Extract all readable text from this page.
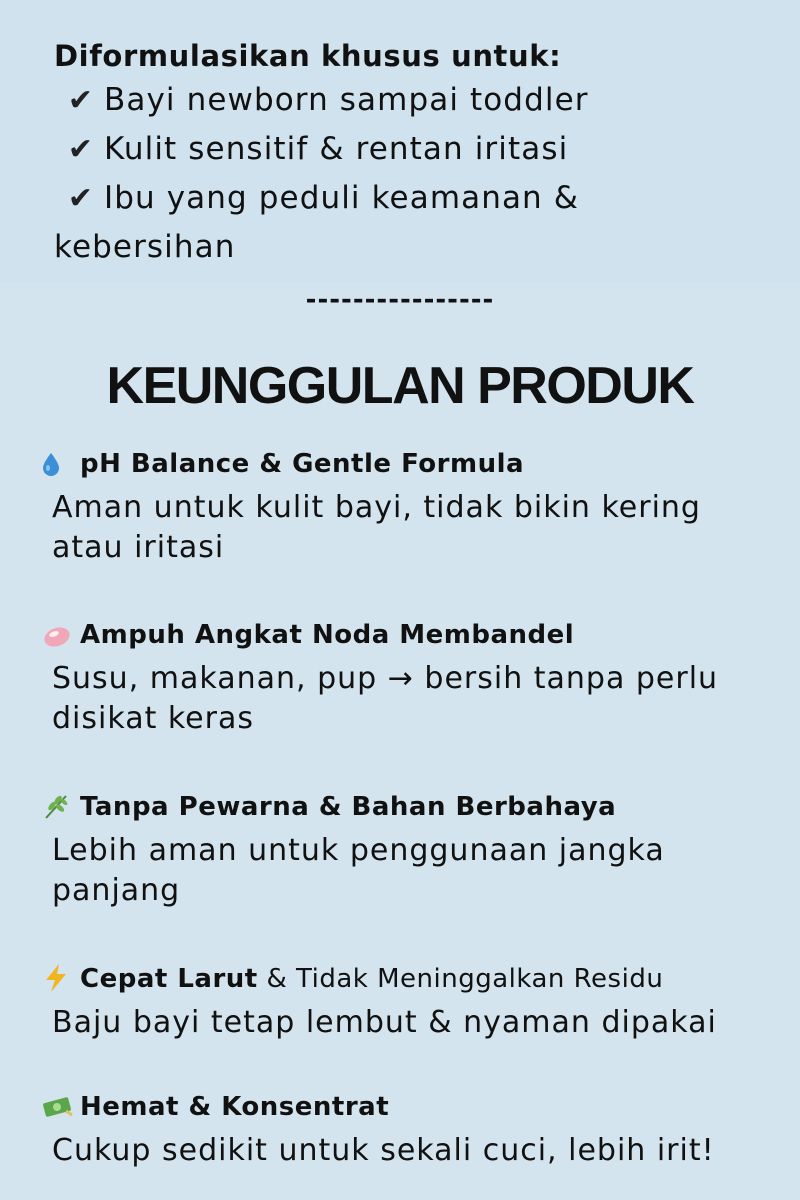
Diformulasikan khusus untuk:

✔ Bayi newborn sampai toddler

✔ Kulit sensitif & rentan iritasi

✔ Ibu yang peduli keamanan & kebersihan

----------------
KEUNGGULAN PRODUK
pH Balance & Gentle Formula
Aman untuk kulit bayi, tidak bikin kering atau iritasi
Ampuh Angkat Noda Membandel
Susu, makanan, pup → bersih tanpa perlu disikat keras
Tanpa Pewarna & Bahan Berbahaya
Lebih aman untuk penggunaan jangka panjang
Cepat Larut & Tidak Meninggalkan Residu
Baju bayi tetap lembut & nyaman dipakai
Hemat & Konsentrat
Cukup sedikit untuk sekali cuci, lebih irit!
